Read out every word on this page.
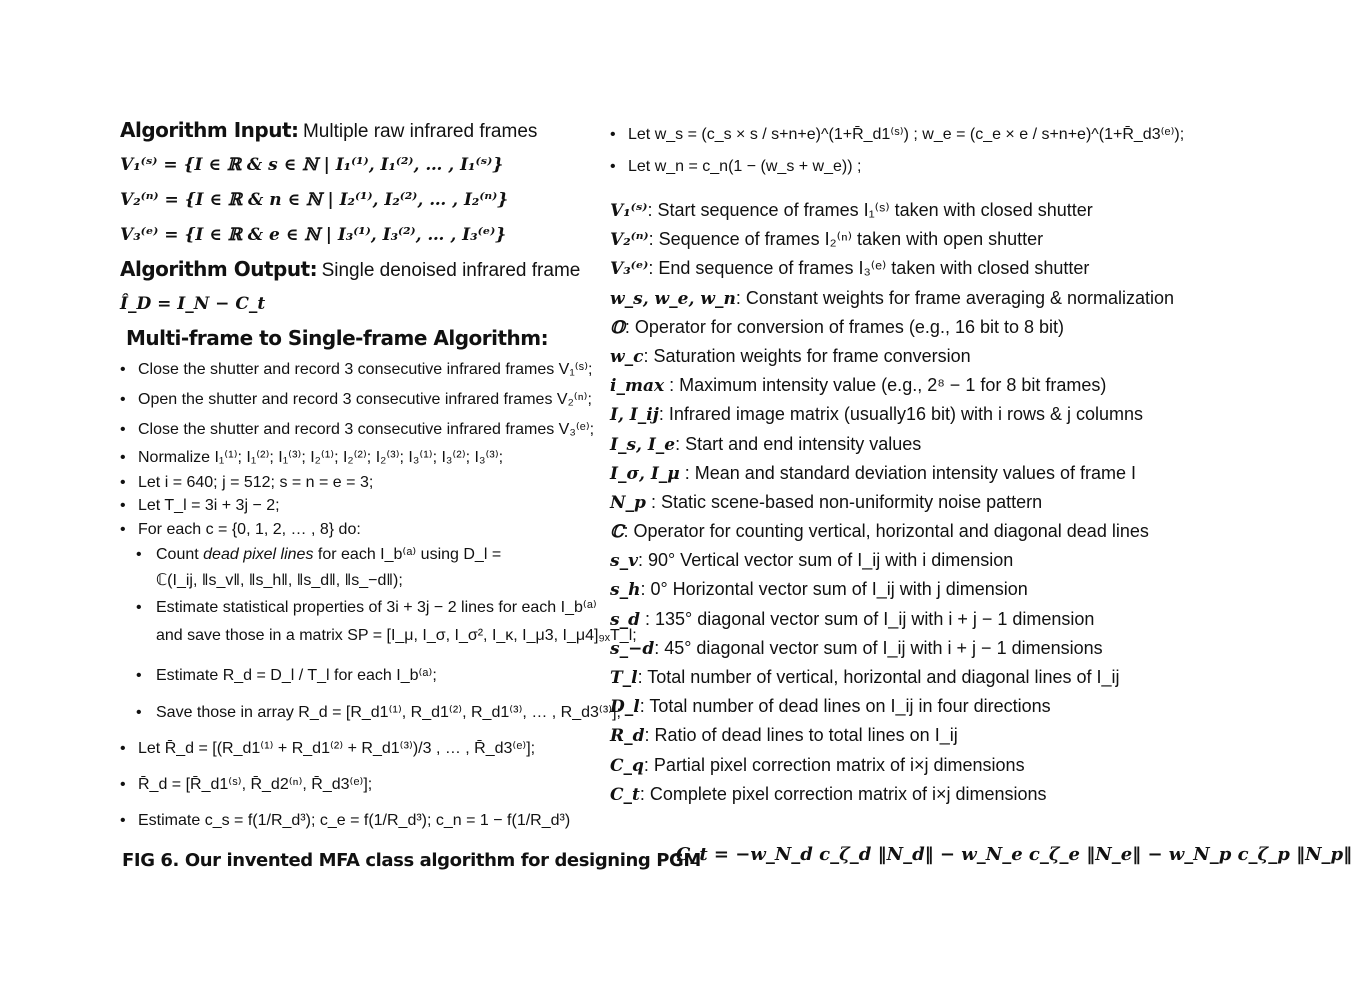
Algorithm Input: Multiple raw infrared frames
V₁⁽ˢ⁾ = {I ∈ ℝ & s ∈ ℕ | I₁⁽¹⁾, I₁⁽²⁾, … , I₁⁽ˢ⁾}
V₂⁽ⁿ⁾ = {I ∈ ℝ & n ∈ ℕ | I₂⁽¹⁾, I₂⁽²⁾, … , I₂⁽ⁿ⁾}
V₃⁽ᵉ⁾ = {I ∈ ℝ & e ∈ ℕ | I₃⁽¹⁾, I₃⁽²⁾, … , I₃⁽ᵉ⁾}
Algorithm Output: Single denoised infrared frame
Î_D = I_N − C_t
Multi-frame to Single-frame Algorithm:
• Close the shutter and record 3 consecutive infrared frames V₁⁽ˢ⁾;
• Open the shutter and record 3 consecutive infrared frames V₂⁽ⁿ⁾;
• Close the shutter and record 3 consecutive infrared frames V₃⁽ᵉ⁾;
• Normalize I₁⁽¹⁾; I₁⁽²⁾; I₁⁽³⁾; I₂⁽¹⁾; I₂⁽²⁾; I₂⁽³⁾; I₃⁽¹⁾; I₃⁽²⁾; I₃⁽³⁾;
• Let i = 640; j = 512; s = n = e = 3;
• Let T_l = 3i + 3j − 2;
• For each c = {0, 1, 2, … , 8} do:
• Count dead pixel lines for each I_b⁽ᵃ⁾ using D_l =
ℂ(I_ij, ‖s_v‖, ‖s_h‖, ‖s_d‖, ‖s_−d‖);
• Estimate statistical properties of 3i + 3j − 2 lines for each I_b⁽ᵃ⁾
and save those in a matrix SP = [I_μ, I_σ, I_σ², I_κ, I_μ3, I_μ4]₉ₓT_l;
• Estimate R_d = D_l / T_l for each I_b⁽ᵃ⁾;
• Save those in array R_d = [R_d1⁽¹⁾, R_d1⁽²⁾, R_d1⁽³⁾, … , R_d3⁽³⁾];
• Let R̄_d = [(R_d1⁽¹⁾ + R_d1⁽²⁾ + R_d1⁽³⁾)/3 , … , R̄_d3⁽ᵉ⁾];
• R̄_d = [R̄_d1⁽ˢ⁾, R̄_d2⁽ⁿ⁾, R̄_d3⁽ᵉ⁾];
• Estimate c_s = f(1/R_d³); c_e = f(1/R_d³); c_n = 1 − f(1/R_d³)
• Let w_s = (c_s × s / s+n+e)^(1+R̄_d1⁽ˢ⁾) ; w_e = (c_e × e / s+n+e)^(1+R̄_d3⁽ᵉ⁾);
• Let w_n = c_n(1 − (w_s + w_e)) ;
V₁⁽ˢ⁾: Start sequence of frames I₁⁽ˢ⁾ taken with closed shutter
V₂⁽ⁿ⁾: Sequence of frames I₂⁽ⁿ⁾ taken with open shutter
V₃⁽ᵉ⁾: End sequence of frames I₃⁽ᵉ⁾ taken with closed shutter
w_s, w_e, w_n: Constant weights for frame averaging & normalization
𝕆: Operator for conversion of frames (e.g., 16 bit to 8 bit)
w_c: Saturation weights for frame conversion
i_max : Maximum intensity value (e.g., 2⁸ − 1 for 8 bit frames)
I, I_ij: Infrared image matrix (usually16 bit) with i rows & j columns
I_s, I_e: Start and end intensity values
I_σ, I_μ : Mean and standard deviation intensity values of frame I
N_p : Static scene-based non-uniformity noise pattern
ℂ: Operator for counting vertical, horizontal and diagonal dead lines
s_v: 90° Vertical vector sum of I_ij with i dimension
s_h: 0° Horizontal vector sum of I_ij with j dimension
s_d : 135° diagonal vector sum of I_ij with i + j − 1 dimension
s_−d: 45° diagonal vector sum of I_ij with i + j − 1 dimensions
T_l: Total number of vertical, horizontal and diagonal lines of I_ij
D_l: Total number of dead lines on I_ij in four directions
R_d: Ratio of dead lines to total lines on I_ij
C_q: Partial pixel correction matrix of i×j dimensions
C_t: Complete pixel correction matrix of i×j dimensions
FIG 6. Our invented MFA class algorithm for designing PGM
C_t = −w_N_d c_ζ_d ‖N_d‖ − w_N_e c_ζ_e ‖N_e‖ − w_N_p c_ζ_p ‖N_p‖
